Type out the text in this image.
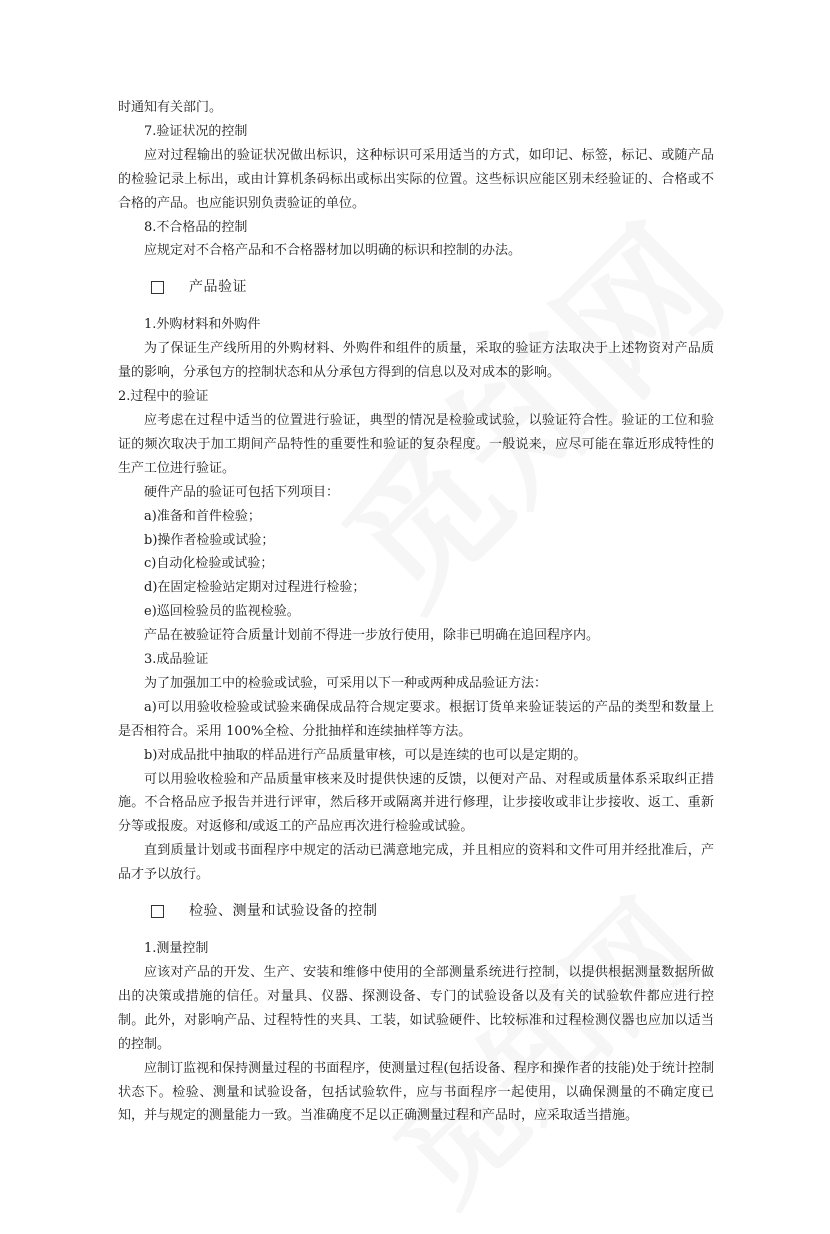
时通知有关部门。

7.验证状况的控制

应对过程输出的验证状况做出标识，这种标识可采用适当的方式，如印记、标签，标记、或随产品的检验记录上标出，或由计算机条码标出或标出实际的位置。这些标识应能区别未经验证的、合格或不合格的产品。也应能识别负责验证的单位。

8.不合格品的控制

应规定对不合格产品和不合格器材加以明确的标识和控制的办法。

产品验证

1.外购材料和外购件

为了保证生产线所用的外购材料、外购件和组件的质量，采取的验证方法取决于上述物资对产品质量的影响，分承包方的控制状态和从分承包方得到的信息以及对成本的影响。

2.过程中的验证

应考虑在过程中适当的位置进行验证，典型的情况是检验或试验，以验证符合性。验证的工位和验证的频次取决于加工期间产品特性的重要性和验证的复杂程度。一般说来，应尽可能在靠近形成特性的生产工位进行验证。

硬件产品的验证可包括下列项目：

a)准备和首件检验；

b)操作者检验或试验；

c)自动化检验或试验；

d)在固定检验站定期对过程进行检验；

e)巡回检验员的监视检验。

产品在被验证符合质量计划前不得进一步放行使用，除非已明确在追回程序内。

3.成品验证

为了加强加工中的检验或试验，可采用以下一种或两种成品验证方法：

a)可以用验收检验或试验来确保成品符合规定要求。根据订货单来验证装运的产品的类型和数量上是否相符合。采用 100%全检、分批抽样和连续抽样等方法。

b)对成品批中抽取的样品进行产品质量审核，可以是连续的也可以是定期的。

可以用验收检验和产品质量审核来及时提供快速的反馈，以便对产品、对程或质量体系采取纠正措施。不合格品应予报告并进行评审，然后移开或隔离并进行修理，让步接收或非让步接收、返工、重新分等或报废。对返修和/或返工的产品应再次进行检验或试验。

直到质量计划或书面程序中规定的活动已满意地完成，并且相应的资料和文件可用并经批准后，产品才予以放行。

检验、测量和试验设备的控制

1.测量控制

应该对产品的开发、生产、安装和维修中使用的全部测量系统进行控制，以提供根据测量数据所做出的决策或措施的信任。对量具、仪器、探测设备、专门的试验设备以及有关的试验软件都应进行控制。此外，对影响产品、过程特性的夹具、工装，如试验硬件、比较标准和过程检测仪器也应加以适当的控制。

应制订监视和保持测量过程的书面程序，使测量过程(包括设备、程序和操作者的技能)处于统计控制状态下。检验、测量和试验设备，包括试验软件，应与书面程序一起使用，以确保测量的不确定度已知，并与规定的测量能力一致。当准确度不足以正确测量过程和产品时，应采取适当措施。
